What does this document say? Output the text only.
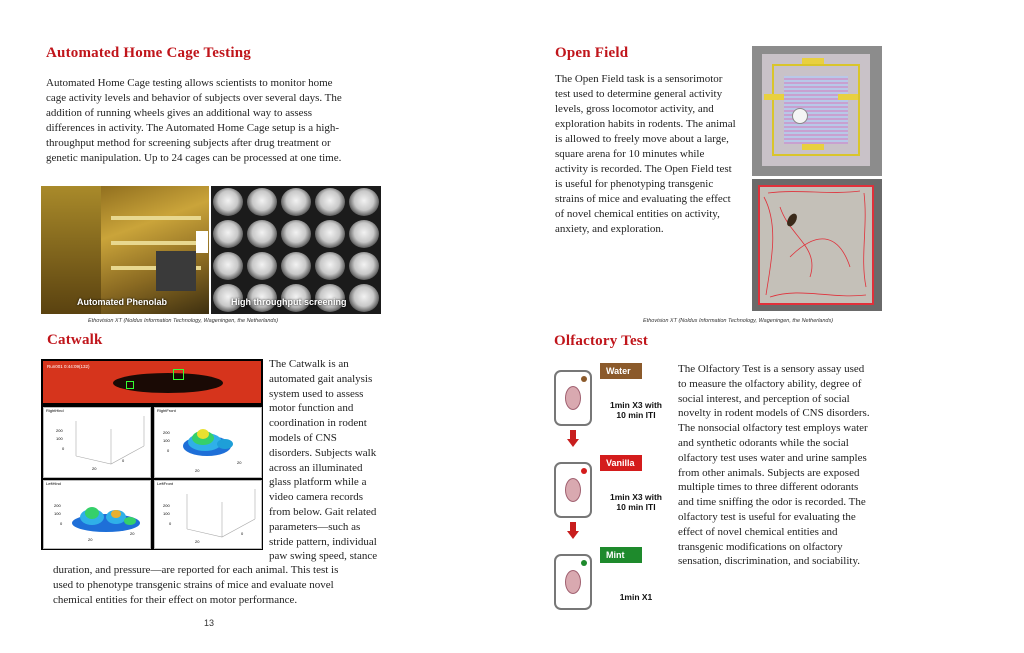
Automated Home Cage Testing
Automated Home Cage testing allows scientists to monitor home
cage activity levels and behavior of subjects over several days. The
addition of running wheels gives an additional way to assess
differences in activity. The Automated Home Cage setup is a high-
throughput method for screening subjects after drug treatment or
genetic manipulation. Up to 24 cages can be processed at one time.
Automated Phenolab	High throughput screening
Ethovision XT (Noldus Information Technology, Wageningen, the Netherlands)
Catwalk
Run001 0:44:09(132)
RightHind
200
100
0
20
0
RightFront
200
100
0
20
20
LeftHind
200
100
0
20
20
LeftFront
200
100
0
20
0
The Catwalk is an
automated gait analysis
system used to assess
motor function and
coordination in rodent
models of CNS
disorders. Subjects walk
across an illuminated
glass platform while a
video camera records
from below. Gait related
parameters—such as
stride pattern, individual
paw swing speed, stance
duration, and pressure—are reported for each animal. This test is
used to phenotype transgenic strains of mice and evaluate novel
chemical entities for their effect on motor performance.
13
Open Field
The Open Field task is a sensorimotor
test used to determine general activity
levels, gross locomotor activity, and
exploration habits in rodents. The animal
is allowed to freely move about a large,
square arena for 10 minutes while
activity is recorded. The Open Field test
is useful for phenotyping transgenic
strains of mice and evaluating the effect
of novel chemical entities on activity,
anxiety, and exploration.
Ethovision XT (Noldus Information Technology, Wageningen, the Netherlands)
Olfactory Test
The Olfactory Test is a sensory assay used
to measure the olfactory ability, degree of
social interest, and perception of social
novelty in rodent models of CNS disorders.
The nonsocial olfactory test employs water
and synthetic odorants while the social
olfactory test uses water and urine samples
from other animals. Subjects are exposed
multiple times to three different odorants
and time sniffing the odor is recorded. The
olfactory test is useful for evaluating the
effect of novel chemical entities and
transgenic modifications on olfactory
sensation, discrimination, and sociability.
Water
1min X3 with
10 min ITI
Vanilla
1min X3 with
10 min ITI
Mint
1min X1
